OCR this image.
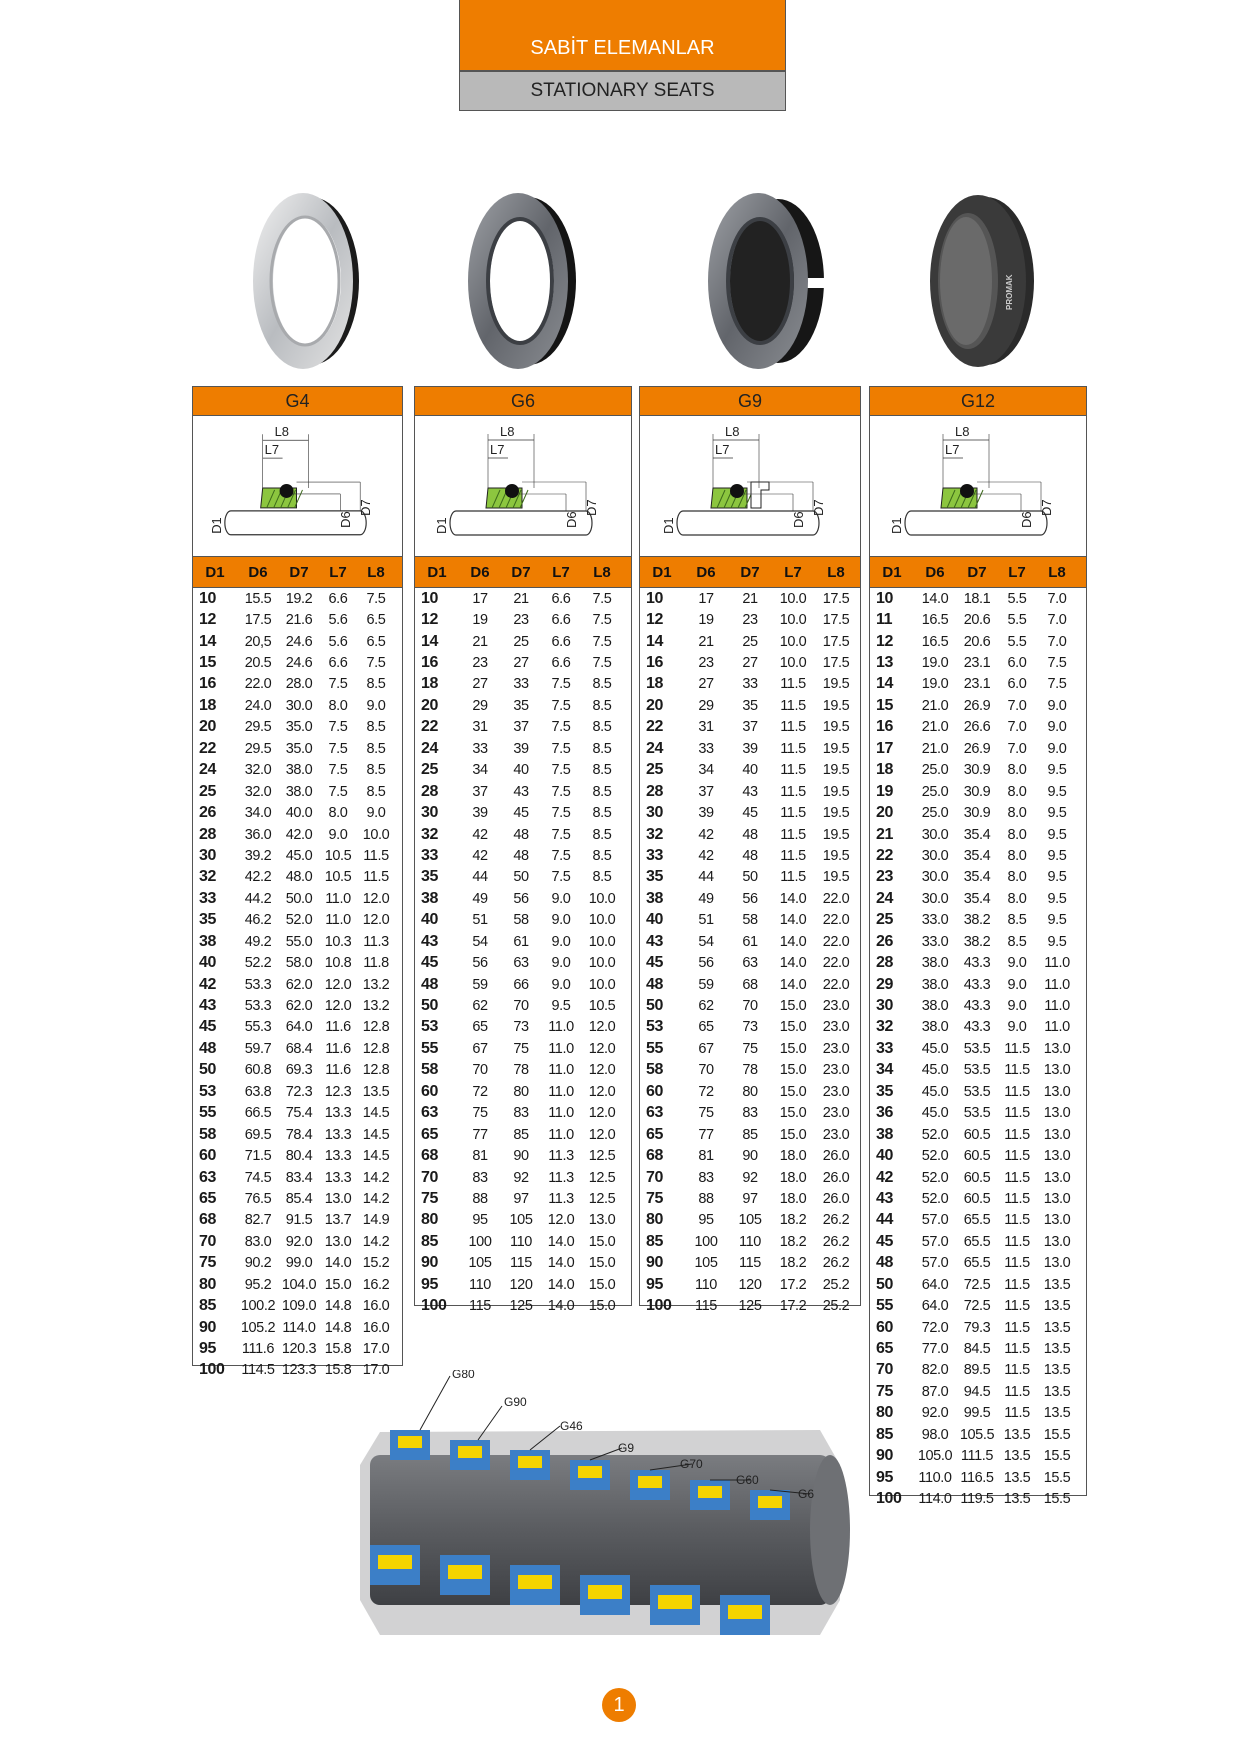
SABİT ELEMANLAR
STATIONARY SEATS
PROMAK
G4
L8
L7
D1	D6
D7
D1	D6	D7	L7	L8
10	15.5 19.2	6.6	7.5
12	17.5 21.6	5.6	6.5
14	20,5 24.6	5.6	6.5
15	20.5 24.6	6.6	7.5
16	22.0 28.0	7.5	8.5
18	24.0 30.0	8.0	9.0
20	29.5 35.0	7.5	8.5
22	29.5 35.0	7.5	8.5
24	32.0 38.0	7.5	8.5
25	32.0 38.0	7.5	8.5
26	34.0 40.0	8.0	9.0
28	36.0 42.0	9.0	10.0
30	39.2 45.0 10.5 11.5
32	42.2 48.0 10.5 11.5
33	44.2 50.0 11.0 12.0
35	46.2 52.0 11.0 12.0
38	49.2 55.0 10.3 11.3
40	52.2 58.0 10.8 11.8
42	53.3 62.0 12.0 13.2
43	53.3 62.0 12.0 13.2
45	55.3 64.0 11.6 12.8
48	59.7 68.4 11.6 12.8
50	60.8 69.3 11.6 12.8
53	63.8 72.3 12.3 13.5
55	66.5 75.4 13.3 14.5
58	69.5 78.4 13.3 14.5
60	71.5 80.4 13.3 14.5
63	74.5 83.4 13.3 14.2
65	76.5 85.4 13.0 14.2
68	82.7 91.5 13.7 14.9
70	83.0 92.0 13.0 14.2
75	90.2 99.0 14.0 15.2
80	95.2 104.0 15.0 16.2
85	100.2 109.0 14.8 16.0
90	105.2 114.0 14.8 16.0
95	111.6 120.3 15.8 17.0
100	114.5 123.3 15.8 17.0
G6
L8
L7
D1	D6
D7
D1	D6	D7	L7	L8
10	17	21	6.6	7.5
12	19	23	6.6	7.5
14	21	25	6.6	7.5
16	23	27	6.6	7.5
18	27	33	7.5	8.5
20	29	35	7.5	8.5
22	31	37	7.5	8.5
24	33	39	7.5	8.5
25	34	40	7.5	8.5
28	37	43	7.5	8.5
30	39	45	7.5	8.5
32	42	48	7.5	8.5
33	42	48	7.5	8.5
35	44	50	7.5	8.5
38	49	56	9.0	10.0
40	51	58	9.0	10.0
43	54	61	9.0	10.0
45	56	63	9.0	10.0
48	59	66	9.0	10.0
50	62	70	9.5	10.5
53	65	73	11.0	12.0
55	67	75	11.0	12.0
58	70	78	11.0	12.0
60	72	80	11.0	12.0
63	75	83	11.0	12.0
65	77	85	11.0	12.0
68	81	90	11.3	12.5
70	83	92	11.3	12.5
75	88	97	11.3	12.5
80	95	105	12.0 13.0
85	100	110	14.0 15.0
90	105	115	14.0 15.0
95	110	120	14.0 15.0
100	115	125	14.0 15.0
G9
L8
L7
D1	D6
D7
D1	D6	D7	L7	L8
10	17	21	10.0	17.5
12	19	23	10.0	17.5
14	21	25	10.0	17.5
16	23	27	10.0	17.5
18	27	33	11.5	19.5
20	29	35	11.5	19.5
22	31	37	11.5	19.5
24	33	39	11.5	19.5
25	34	40	11.5	19.5
28	37	43	11.5	19.5
30	39	45	11.5	19.5
32	42	48	11.5	19.5
33	42	48	11.5	19.5
35	44	50	11.5	19.5
38	49	56	14.0	22.0
40	51	58	14.0	22.0
43	54	61	14.0	22.0
45	56	63	14.0	22.0
48	59	68	14.0	22.0
50	62	70	15.0	23.0
53	65	73	15.0	23.0
55	67	75	15.0	23.0
58	70	78	15.0	23.0
60	72	80	15.0	23.0
63	75	83	15.0	23.0
65	77	85	15.0	23.0
68	81	90	18.0	26.0
70	83	92	18.0	26.0
75	88	97	18.0	26.0
80	95	105	18.2	26.2
85	100	110	18.2	26.2
90	105	115	18.2	26.2
95	110	120	17.2	25.2
100	115	125	17.2	25.2
G12
L8
L7
D1	D6
D7
D1	D6	D7	L7	L8
10	14.0	18.1	5.5	7.0
11	16.5	20.6	5.5	7.0
12	16.5	20.6	5.5	7.0
13	19.0	23.1	6.0	7.5
14	19.0	23.1	6.0	7.5
15	21.0	26.9	7.0	9.0
16	21.0	26.6	7.0	9.0
17	21.0	26.9	7.0	9.0
18	25.0	30.9	8.0	9.5
19	25.0	30.9	8.0	9.5
20	25.0	30.9	8.0	9.5
21	30.0	35.4	8.0	9.5
22	30.0	35.4	8.0	9.5
23	30.0	35.4	8.0	9.5
24	30.0	35.4	8.0	9.5
25	33.0	38.2	8.5	9.5
26	33.0	38.2	8.5	9.5
28	38.0	43.3	9.0	11.0
29	38.0	43.3	9.0	11.0
30	38.0	43.3	9.0	11.0
32	38.0	43.3	9.0	11.0
33	45.0	53.5 11.5 13.0
34	45.0	53.5 11.5 13.0
35	45.0	53.5 11.5 13.0
36	45.0	53.5 11.5 13.0
38	52.0	60.5 11.5 13.0
40	52.0	60.5 11.5 13.0
42	52.0	60.5 11.5 13.0
43	52.0	60.5 11.5 13.0
44	57.0	65.5 11.5 13.0
45	57.0	65.5 11.5 13.0
48	57.0	65.5 11.5 13.0
50	64.0	72.5 11.5 13.5
55	64.0	72.5 11.5 13.5
60	72.0	79.3 11.5 13.5
65	77.0	84.5 11.5 13.5
70	82.0	89.5 11.5 13.5
75	87.0	94.5 11.5 13.5
80	92.0	99.5 11.5 13.5
85	98.0 105.5 13.5 15.5
90	105.0 111.5 13.5 15.5
95	110.0 116.5 13.5 15.5
100	114.0 119.5 13.5 15.5
G80
G90
G46
G9
G70
G60
G6
1
